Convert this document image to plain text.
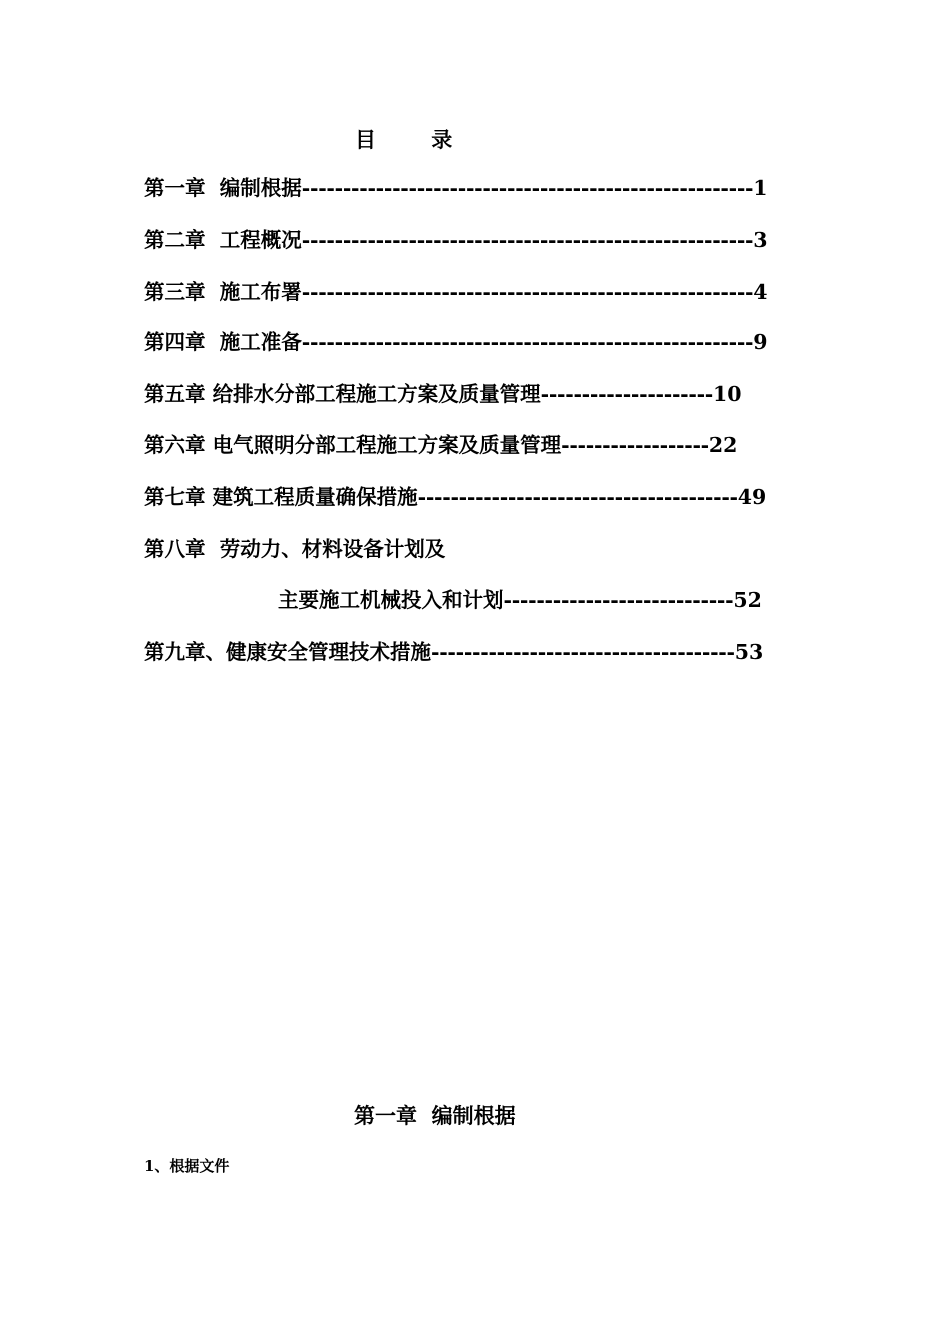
目 录
第一章 编制根据-------------------------------------------------------1
第二章 工程概况-------------------------------------------------------3
第三章 施工布署-------------------------------------------------------4
第四章 施工准备-------------------------------------------------------9
第五章 给排水分部工程施工方案及质量管理---------------------10
第六章 电气照明分部工程施工方案及质量管理------------------22
第七章 建筑工程质量确保措施---------------------------------------49
第八章 劳动力、材料设备计划及
主要施工机械投入和计划----------------------------52
第九章、健康安全管理技术措施-------------------------------------53
第一章  编制根据
1、根据文件
